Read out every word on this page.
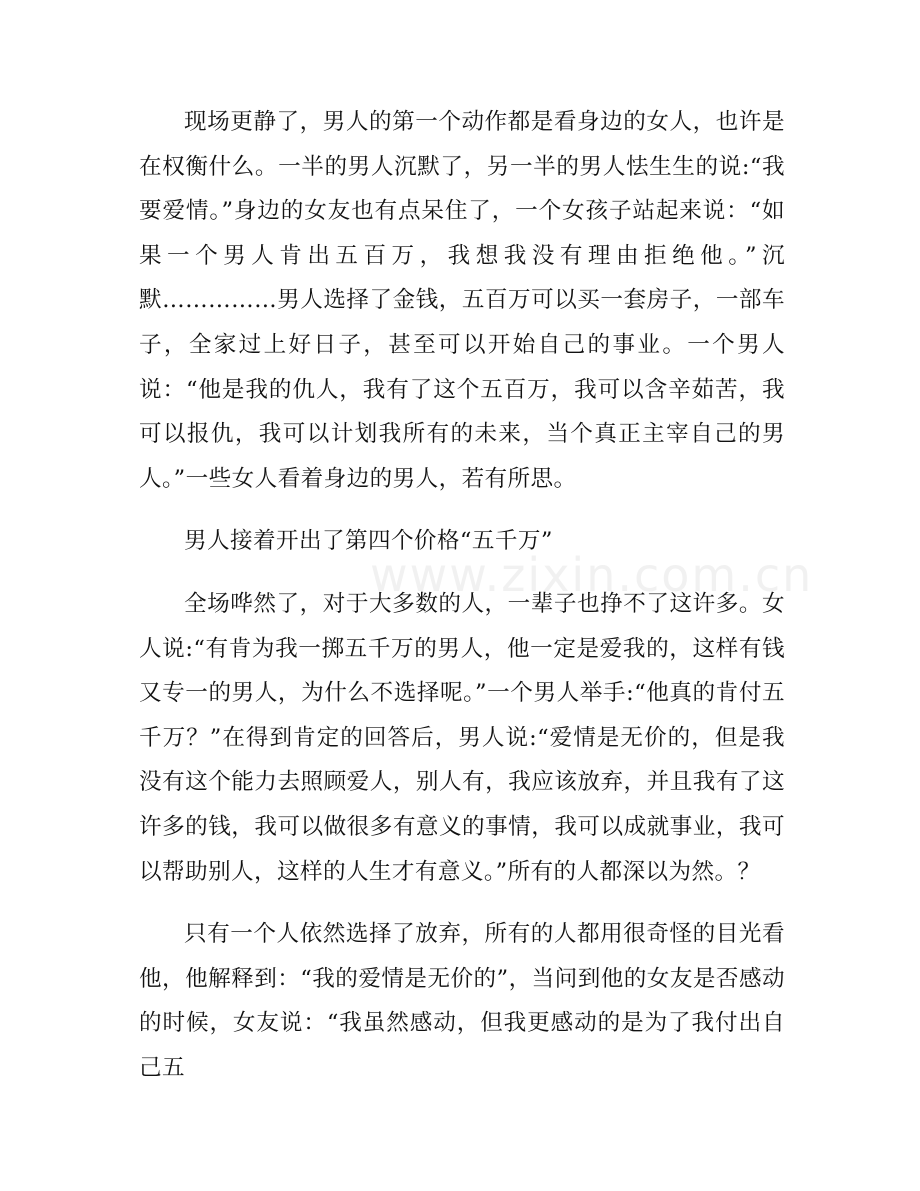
现场更静了，男人的第一个动作都是看身边的女人，也许是在权衡什么。一半的男人沉默了，另一半的男人怯生生的说:“我要爱情。”身边的女友也有点呆住了，一个女孩子站起来说：“如果一个男人肯出五百万，我想我没有理由拒绝他。”沉默……………男人选择了金钱，五百万可以买一套房子，一部车子，全家过上好日子，甚至可以开始自己的事业。一个男人说：“他是我的仇人，我有了这个五百万，我可以含辛茹苦，我可以报仇，我可以计划我所有的未来，当个真正主宰自己的男人。”一些女人看着身边的男人，若有所思。

男人接着开出了第四个价格“五千万”

全场哗然了，对于大多数的人，一辈子也挣不了这许多。女人说:“有肯为我一掷五千万的男人，他一定是爱我的，这样有钱又专一的男人，为什么不选择呢。”一个男人举手:“他真的肯付五千万？”在得到肯定的回答后，男人说:“爱情是无价的，但是我没有这个能力去照顾爱人，别人有，我应该放弃，并且我有了这许多的钱，我可以做很多有意义的事情，我可以成就事业，我可以帮助别人，这样的人生才有意义。”所有的人都深以为然。？

只有一个人依然选择了放弃，所有的人都用很奇怪的目光看他，他解释到：“我的爱情是无价的”，当问到他的女友是否感动的时候，女友说：“我虽然感动，但我更感动的是为了我付出自己五

www.zixin.com.cn
